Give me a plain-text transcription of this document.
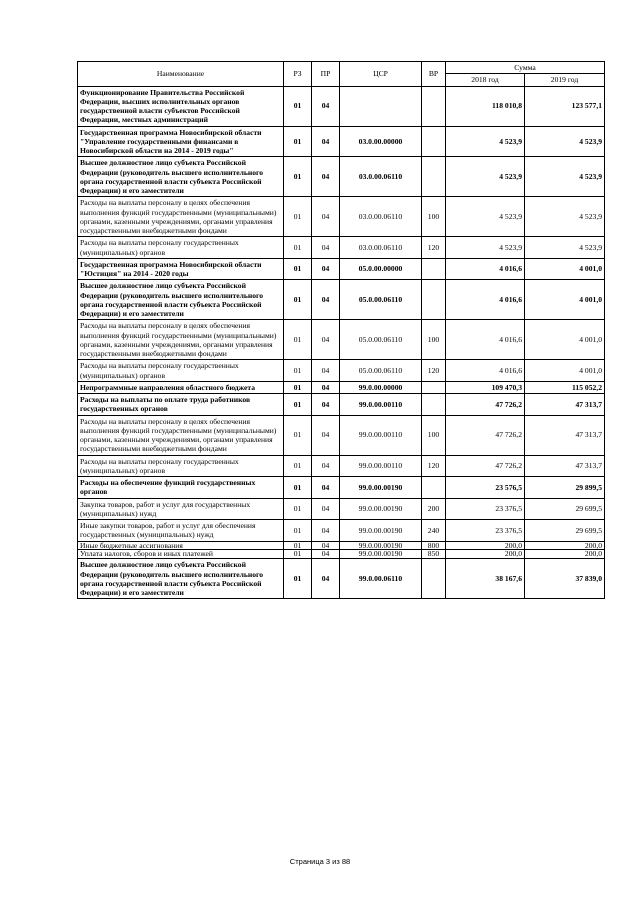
Наименование	РЗ	ПР	ЦСР	ВР	Сумма	
					2018 год	2019 год
Функционирование Правительства Российской Федерации, высших исполнительных органов государственной власти субъектов Российской Федерации, местных администраций	01	04			118 010,8	123 577,1
Государственная программа Новосибирской области "Управление государственными финансами в Новосибирской области на 2014 - 2019 годы"	01	04	03.0.00.00000		4 523,9	4 523,9
Высшее должностное лицо субъекта Российской Федерации (руководитель высшего исполнительного органа государственной власти субъекта Российской Федерации) и его заместители	01	04	03.0.00.06110		4 523,9	4 523,9
Расходы на выплаты персоналу в целях обеспечения выполнения функций государственными (муниципальными) органами, казенными учреждениями, органами управления государственными внебюджетными фондами	01	04	03.0.00.06110	100	4 523,9	4 523,9
Расходы на выплаты персоналу государственных (муниципальных) органов	01	04	03.0.00.06110	120	4 523,9	4 523,9
Государственная программа Новосибирской области "Юстиция" на 2014 - 2020 годы	01	04	05.0.00.00000		4 016,6	4 001,0
Высшее должностное лицо субъекта Российской Федерации (руководитель высшего исполнительного органа государственной власти субъекта Российской Федерации) и его заместители	01	04	05.0.00.06110		4 016,6	4 001,0
Расходы на выплаты персоналу в целях обеспечения выполнения функций государственными (муниципальными) органами, казенными учреждениями, органами управления государственными внебюджетными фондами	01	04	05.0.00.06110	100	4 016,6	4 001,0
Расходы на выплаты персоналу государственных (муниципальных) органов	01	04	05.0.00.06110	120	4 016,6	4 001,0
Непрограммные направления областного бюджета	01	04	99.0.00.00000		109 470,3	115 052,2
Расходы на выплаты по оплате труда работников государственных органов	01	04	99.0.00.00110		47 726,2	47 313,7
Расходы на выплаты персоналу в целях обеспечения выполнения функций государственными (муниципальными) органами, казенными учреждениями, органами управления государственными внебюджетными фондами	01	04	99.0.00.00110	100	47 726,2	47 313,7
Расходы на выплаты персоналу государственных (муниципальных) органов	01	04	99.0.00.00110	120	47 726,2	47 313,7
Расходы на обеспечение функций государственных органов	01	04	99.0.00.00190		23 576,5	29 899,5
Закупка товаров, работ и услуг для государственных (муниципальных) нужд	01	04	99.0.00.00190	200	23 376,5	29 699,5
Иные закупки товаров, работ и услуг для обеспечения государственных (муниципальных) нужд	01	04	99.0.00.00190	240	23 376,5	29 699,5
Иные бюджетные ассигнования	01	04	99.0.00.00190	800	200,0	200,0
Уплата налогов, сборов и иных платежей	01	04	99.0.00.00190	850	200,0	200,0
Высшее должностное лицо субъекта Российской Федерации (руководитель высшего исполнительного органа государственной власти субъекта Российской Федерации) и его заместители	01	04	99.0.00.06110		38 167,6	37 839,0
Страница 3 из 88
